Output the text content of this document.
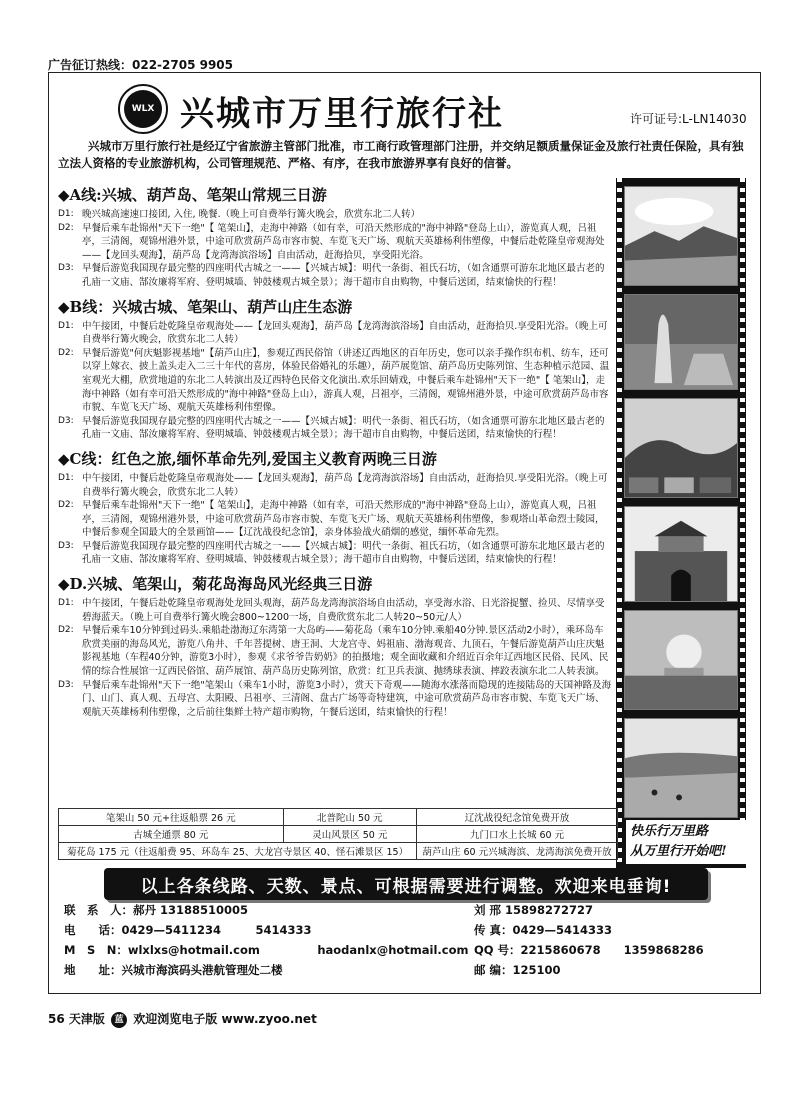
广告征订热线：022-2705 9905
WLX 兴城市万里行旅行社	许可证号:L-LN14030
兴城市万里行旅行社是经辽宁省旅游主管部门批准，市工商行政管理部门注册，并交纳足额质量保证金及旅行社责任保险，具有独立法人资格的专业旅游机构，公司管理规范、严格、有序，在我市旅游界享有良好的信誉。
◆A线:兴城、葫芦岛、笔架山常规三日游
D1: 晚兴城高速速口接团, 入住, 晚餐.（晚上可自费举行篝火晚会，欣赏东北二人转）
D2: 早餐后乘车赴锦州"天下一绝"【 笔架山】，走海中神路（如有幸，可沿天然形成的"海中神路"登岛上山），游览真人观，吕祖亭，三清阁，观锦州港外景，中途可欣赏葫芦岛市容市貌、车览飞天广场、观航天英雄杨利伟塑像，中餐后赴乾隆皇帝观海处——【龙回头观海】，葫芦岛【龙湾海滨浴场】自由活动，赶海拾贝，享受阳光浴。
D3: 早餐后游览我国现存最完整的四座明代古城之一——【兴城古城】：明代一条街、祖氏石坊，（如含通票可游东北地区最古老的孔庙一文庙、郜汝廉将军府、登明城墙、钟鼓楼观古城全景）；海干超市自由购物，中餐后送团，结束愉快的行程！
◆B线：兴城古城、笔架山、葫芦山庄生态游
D1: 中午接团，中餐后赴乾隆皇帝观海处——【龙回头观海】，葫芦岛【龙湾海滨浴场】自由活动，赶海拾贝.享受阳光浴。（晚上可自费举行篝火晚会，欣赏东北二人转）
D2: 早餐后游览"何庆魁影视基地"【葫芦山庄】，参观辽西民俗馆（讲述辽西地区的百年历史，您可以亲手操作织布机、纺车，还可以穿上嫁衣、披上盖头走入二三十年代的喜房，体验民俗婚礼的乐趣），葫芦展览馆、葫芦岛历史陈列馆、生态种植示范园、温室观光大棚，欣赏地道的东北二人转演出及辽西特色民俗文化演出.欢乐回婧戏，中餐后乘车赴锦州"天下一绝"【 笔架山】，走海中神路（如有幸可沿天然形成的"海中神路"登岛上山），游真人观，吕祖亭，三清阁，观锦州港外景，中途可欣赏葫芦岛市容市貌、车览飞天广场、观航天英雄杨利伟塑像。
D3: 早餐后游览我国现存最完整的四座明代古城之一——【兴城古城】：明代一条街、祖氏石坊，（如含通票可游东北地区最古老的孔庙一文庙、郜汝廉将军府、登明城墙、钟鼓楼观古城全景）；海干超市自由购物，中餐后送团，结束愉快的行程！
◆C线：红色之旅,缅怀革命先列,爱国主义教育两晚三日游
D1: 中午接团，中餐后赴乾隆皇帝观海处——【龙回头观海】，葫芦岛【龙湾海滨浴场】自由活动，赶海拾贝.享受阳光浴。（晚上可自费举行篝火晚会，欣赏东北二人转）
D2: 早餐后乘车赴锦州"天下一绝"【 笔架山】，走海中神路（如有幸，可沿天然形成的"海中神路"登岛上山），游览真人观，吕祖亭，三清阁，观锦州港外景，中途可欣赏葫芦岛市容市貌、车览飞天广场、观航天英雄杨利伟塑像，参观塔山革命烈士陵园，中餐后参观全国最大的全景画馆——【辽沈战役纪念馆】，亲身体验战火硝烟的感觉，缅怀革命先烈。
D3: 早餐后游览我国现存最完整的四座明代古城之一——【兴城古城】：明代一条街、祖氏石坊，（如含通票可游东北地区最古老的孔庙一文庙、郜汝廉将军府、登明城墙、钟鼓楼观古城全景）；海干超市自由购物，中餐后送团，结束愉快的行程！
◆D.兴城、笔架山，菊花岛海岛风光经典三日游
D1: 中午接团，午餐后赴乾隆皇帝观海处龙回头观海，葫芦岛龙湾海滨浴场自由活动，享受海水浴、日光浴捉蟹、捡贝、尽情享受碧海蓝天。（晚上可自费举行篝火晚会800~1200一场，自费欣赏东北二人转20~50元/人）
D2: 早餐后乘车10分钟到过码头.乘船赴渤海辽东湾第一大岛屿——菊花岛（乘车10分钟.乘船40分钟.景区活动2小时），乘环岛车欣赏美丽的海岛风光，游览八角井、千年菩提树、唐王洞、大龙宫寺、妈祖庙、渤海观音、九顶石，午餐后游览葫芦山庄庆魁影视基地（车程40分钟，游览3小时），参观《求爷爷告奶奶》的拍摄地；观全面收藏和介绍近百余年辽西地区民俗、民风、民情的综合性展馆一辽西民俗馆、葫芦展馆、葫芦岛历史陈列馆，欣赏：红卫兵表演、抛绣球表演、摔跤表演东北二人转表演。
D3: 早餐后乘车赴锦州"天下一绝"笔架山（乘车1小时，游览3小时），赏天下奇观——随海水涨落而隐现的连接陆岛的天国神路及海门、山门、真人观、五母宫、太阳殿、吕祖亭、三清阁、盘古广场等奇特建筑，中途可欣赏葫芦岛市容市貌、车览飞天广场、观航天英雄杨利伟塑像，之后前往集鲜土特产超市购物，午餐后送团，结束愉快的行程！
快乐行万里路
从万里行开始吧!
笔架山 50 元+往返船票 26 元	北普陀山 50 元	辽沈战役纪念馆免费开放
古城全通票 80 元	灵山风景区 50 元	九门口水上长城 60 元
菊花岛 175 元（往返船费 95、环岛车 25、大龙宫寺景区 40、怪石滩景区 15）		葫芦山庄 60 元兴城海滨、龙湾海滨免费开放
以上各条线路、天数、景点、可根据需要进行调整。欢迎来电垂询!
联　系　人：郝丹 13188510005	刘 邢 15898272727
电　　话：0429—5411234　　　5414333	传 真：0429—5414333
M　S　N：wlxlxs@hotmail.com　　　　　haodanlx@hotmail.com QQ 号：2215860678　　1359868286
地　　址：兴城市海滨码头港航管理处二楼	邮 编：125100
56 天津版 蓝 欢迎浏览电子版 www.zyoo.net
